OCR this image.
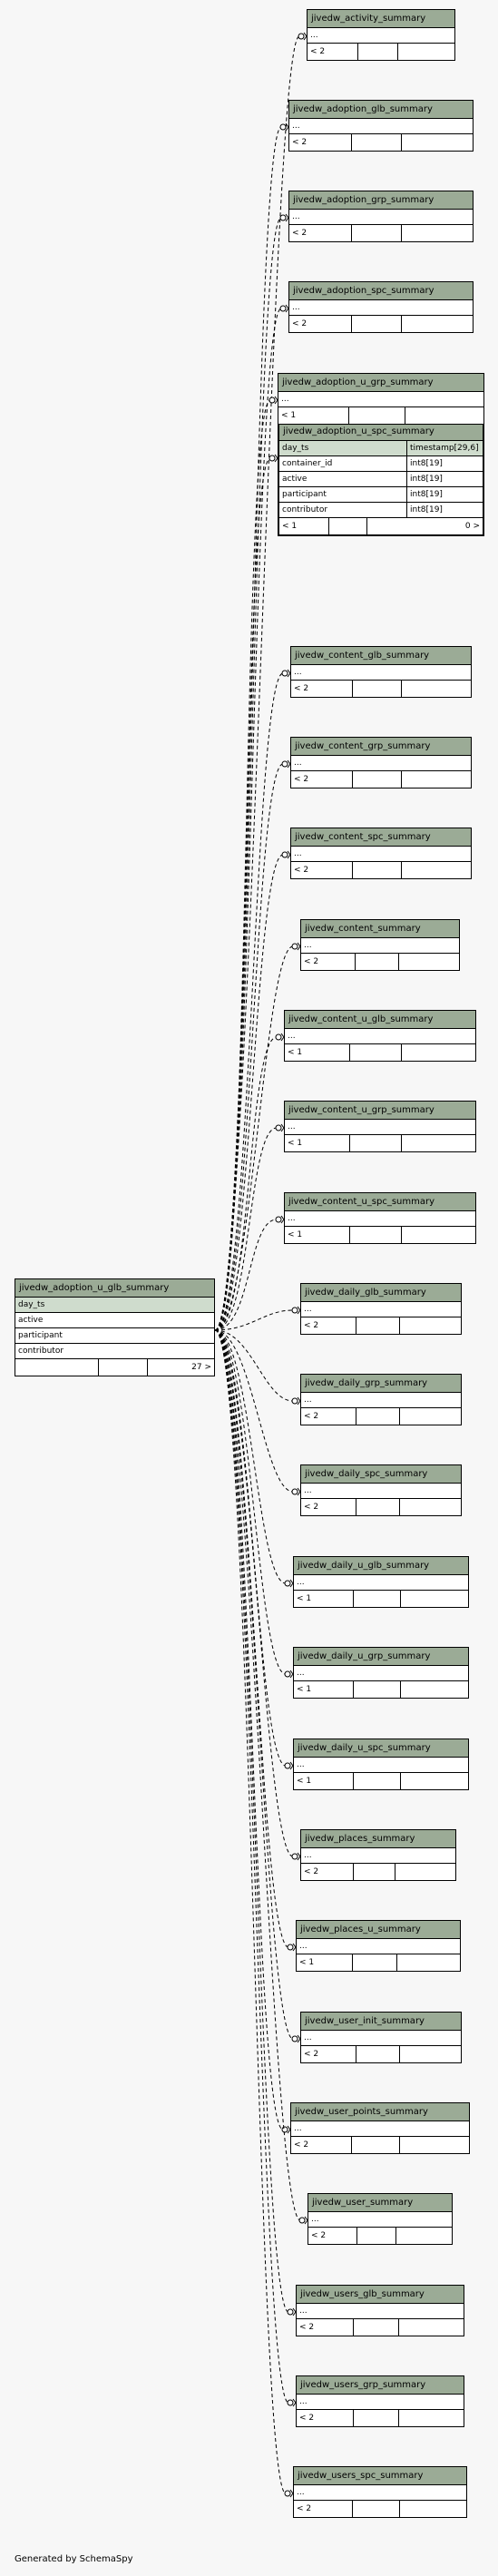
jivedw_adoption_u_glb_summary
day_ts
active
participant
contributor
27 >
jivedw_adoption_u_spc_summary
day_ts	timestamp[29,6]
container_id	int8[19]
active	int8[19]
participant	int8[19]
contributor	int8[19]
< 1	0 >
jivedw_activity_summary
...
< 2
jivedw_adoption_glb_summary
...
< 2
jivedw_adoption_grp_summary
...
< 2
jivedw_adoption_spc_summary
...
< 2
jivedw_adoption_u_grp_summary
...
< 1
jivedw_content_glb_summary
...
< 2
jivedw_content_grp_summary
...
< 2
jivedw_content_spc_summary
...
< 2
jivedw_content_summary
...
< 2
jivedw_content_u_glb_summary
...
< 1
jivedw_content_u_grp_summary
...
< 1
jivedw_content_u_spc_summary
...
< 1
jivedw_daily_glb_summary
...
< 2
jivedw_daily_grp_summary
...
< 2
jivedw_daily_spc_summary
...
< 2
jivedw_daily_u_glb_summary
...
< 1
jivedw_daily_u_grp_summary
...
< 1
jivedw_daily_u_spc_summary
...
< 1
jivedw_places_summary
...
< 2
jivedw_places_u_summary
...
< 1
jivedw_user_init_summary
...
< 2
jivedw_user_points_summary
...
< 2
jivedw_user_summary
...
< 2
jivedw_users_glb_summary
...
< 2
jivedw_users_grp_summary
...
< 2
jivedw_users_spc_summary
...
< 2
Generated by SchemaSpy
